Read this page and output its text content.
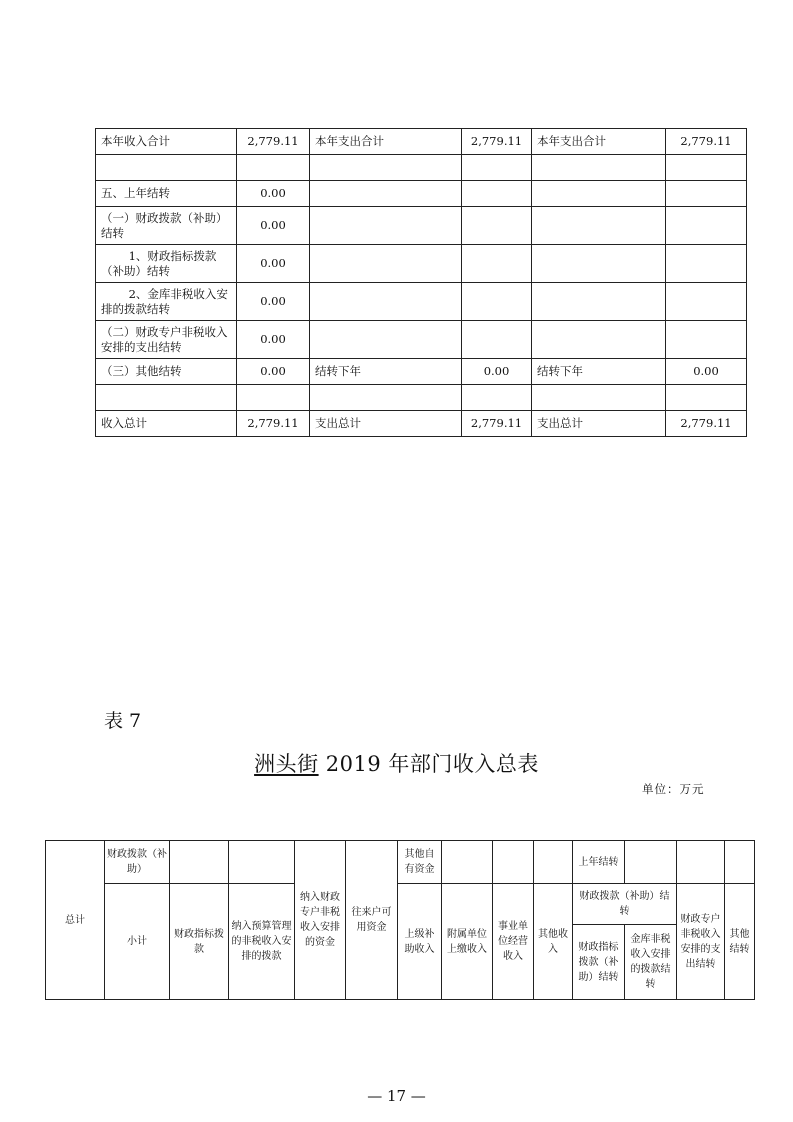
本年收入合计	2,779.11	本年支出合计	2,779.11	本年支出合计	2,779.11

五、上年结转	0.00				
（一）财政拨款（补助）结转	0.00				
1、财政指标拨款（补助）结转	0.00				
2、金库非税收入安排的拨款结转	0.00				
（二）财政专户非税收入安排的支出结转	0.00				
（三）其他结转	0.00	结转下年	0.00	结转下年	0.00

收入总计	2,779.11	支出总计	2,779.11	支出总计	2,779.11
表 7
洲头街 2019 年部门收入总表
单位：万元
总计	财政拨款（补助）			纳入财政专户非税收入安排的资金	往来户可用资金	其他自有资金				上年结转			
	小计	财政指标拨款	纳入预算管理的非税收入安排的拨款			上级补助收入	附属单位上缴收入	事业单位经营收入	其他收入	财政拨款（补助）结转		财政专户非税收入安排的支出结转	其他结转
										财政指标拨款（补助）结转	金库非税收入安排的拨款结转		
— 17 —
